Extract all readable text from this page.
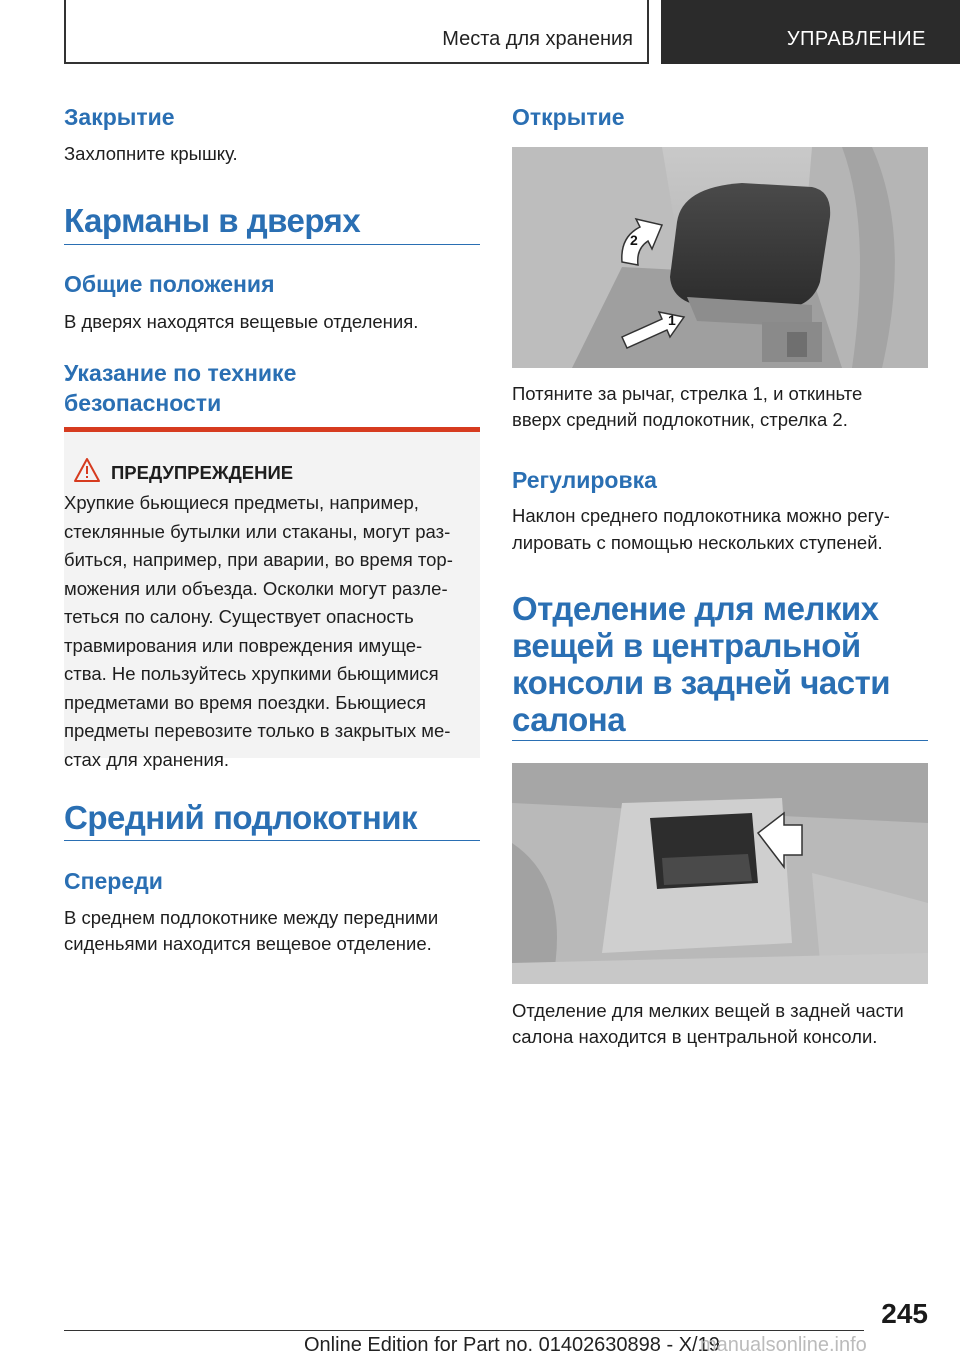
Места для хранения	УПРАВЛЕНИЕ
Закрытие
Захлопните крышку.
Карманы в дверях
Общие положения
В дверях находятся вещевые отделения.
Указание по технике
безопасности
ПРЕДУПРЕЖДЕНИЕ
Хрупкие бьющиеся предметы, например,
стеклянные бутылки или стаканы, могут раз-
биться, например, при аварии, во время тор-
можения или объезда. Осколки могут разле-
теться по салону. Существует опасность
травмирования или повреждения имуще-
ства. Не пользуйтесь хрупкими бьющимися
предметами во время поездки. Бьющиеся
предметы перевозите только в закрытых ме-
стах для хранения.
Средний подлокотник
Спереди
В среднем подлокотнике между передними
сиденьями находится вещевое отделение.
Открытие
1
2
Потяните за рычаг, стрелка 1, и откиньте
вверх средний подлокотник, стрелка 2.
Регулировка
Наклон среднего подлокотника можно регу-
лировать с помощью нескольких ступеней.
Отделение для мелких
вещей в центральной
консоли в задней части
салона
Отделение для мелких вещей в задней части
салона находится в центральной консоли.
245
Online Edition for Part no. 01402630898 - X/19
manualsonline.info
